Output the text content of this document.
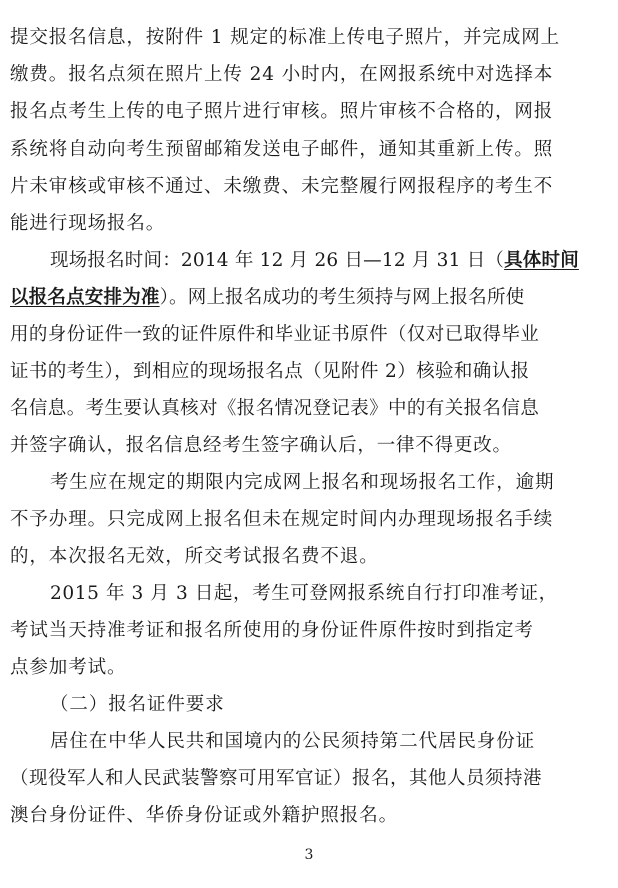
提交报名信息，按附件 1 规定的标准上传电子照片，并完成网上
缴费。报名点须在照片上传 24 小时内，在网报系统中对选择本
报名点考生上传的电子照片进行审核。照片审核不合格的，网报
系统将自动向考生预留邮箱发送电子邮件，通知其重新上传。照
片未审核或审核不通过、未缴费、未完整履行网报程序的考生不
能进行现场报名。
现场报名时间：2014 年 12 月 26 日—12 月 31 日（具体时间
以报名点安排为准）。网上报名成功的考生须持与网上报名所使
用的身份证件一致的证件原件和毕业证书原件（仅对已取得毕业
证书的考生），到相应的现场报名点（见附件 2）核验和确认报
名信息。考生要认真核对《报名情况登记表》中的有关报名信息
并签字确认，报名信息经考生签字确认后，一律不得更改。
考生应在规定的期限内完成网上报名和现场报名工作，逾期
不予办理。只完成网上报名但未在规定时间内办理现场报名手续
的，本次报名无效，所交考试报名费不退。
2015 年 3 月 3 日起，考生可登网报系统自行打印准考证，
考试当天持准考证和报名所使用的身份证件原件按时到指定考
点参加考试。
（二）报名证件要求
居住在中华人民共和国境内的公民须持第二代居民身份证
（现役军人和人民武装警察可用军官证）报名，其他人员须持港
澳台身份证件、华侨身份证或外籍护照报名。
3
